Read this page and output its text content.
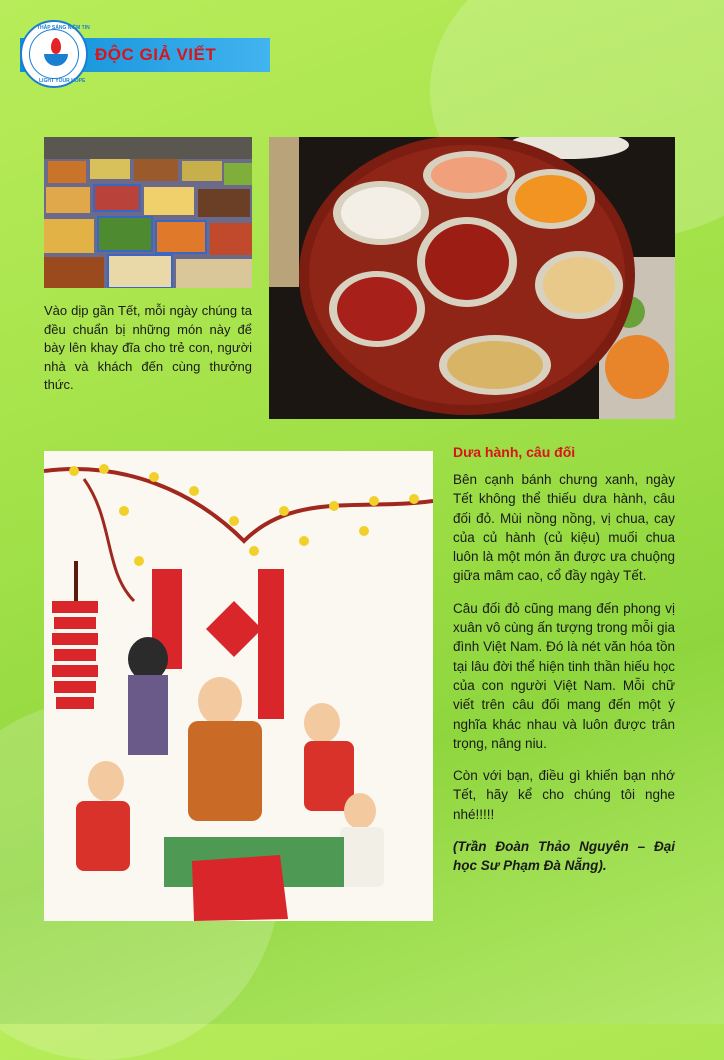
THẮP SÁNG NIỀM TIN
LIGHT YOUR HOPE
ĐỘC GIẢ VIẾT

Vào dịp gần Tết, mỗi ngày chúng ta đều chuẩn bị những món này để bày lên khay đĩa cho trẻ con, người nhà và khách đến cùng thưởng thức.

Dưa hành, câu đối

Bên cạnh bánh chưng xanh, ngày Tết không thể thiếu dưa hành, câu đối đỏ. Mùi nồng nồng, vị chua, cay của củ hành (củ kiệu) muối chua luôn là một món ăn được ưa chuộng giữa mâm cao, cổ đầy ngày Tết.

Câu đối đỏ cũng mang đến phong vị xuân vô cùng ấn tượng trong mỗi gia đình Việt Nam. Đó là nét văn hóa tồn tại lâu đời thể hiện tinh thần hiếu học của con người Việt Nam. Mỗi chữ viết trên câu đối mang đến một ý nghĩa khác nhau và luôn được trân trọng, nâng niu.

Còn với bạn, điều gì khiến bạn nhớ Tết, hãy kể cho chúng tôi nghe nhé!!!!!

(Trần Đoàn Thảo Nguyên – Đại học Sư Phạm Đà Nẵng).
